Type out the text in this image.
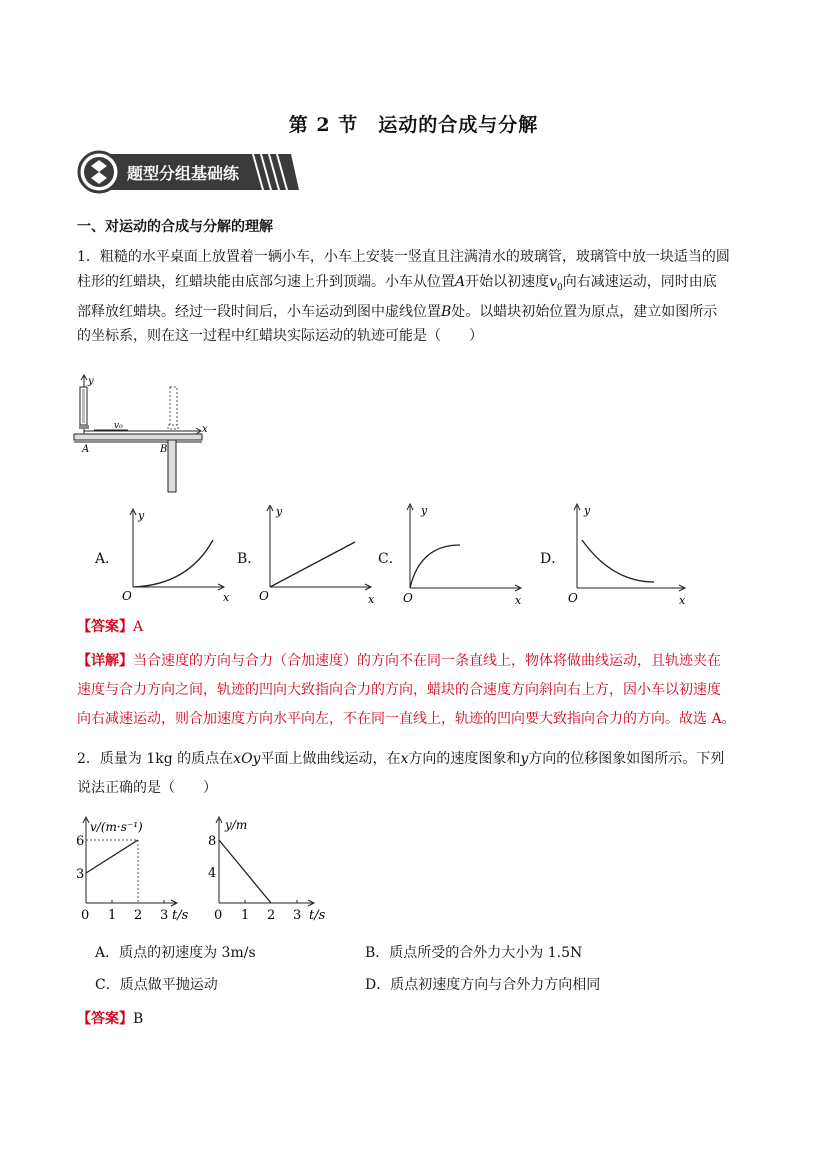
第 2 节　运动的合成与分解
题型分组基础练
一、对运动的合成与分解的理解
1．粗糙的水平桌面上放置着一辆小车，小车上安装一竖直且注满清水的玻璃管，玻璃管中放一块适当的圆
柱形的红蜡块，红蜡块能由底部匀速上升到顶端。小车从位置A开始以初速度$v_0$向右减速运动，同时由底
部释放红蜡块。经过一段时间后，小车运动到图中虚线位置B处。以蜡块初始位置为原点，建立如图所示
的坐标系，则在这一过程中红蜡块实际运动的轨迹可能是（　　）
y
x
v₀
A	B
A．
y
O	x
B．
y
O	x
C．
y
O	x
D．
y
O	x
【答案】A
【详解】当合速度的方向与合力（合加速度）的方向不在同一条直线上，物体将做曲线运动，且轨迹夹在
速度与合力方向之间，轨迹的凹向大致指向合力的方向，蜡块的合速度方向斜向右上方，因小车以初速度
向右减速运动，则合加速度方向水平向左，不在同一直线上，轨迹的凹向要大致指向合力的方向。故选 A。
2．质量为 1kg 的质点在xOy平面上做曲线运动，在x方向的速度图象和y方向的位移图象如图所示。下列
说法正确的是（　　）
v/(m·s⁻¹)
6
3
0 1 2 3 t/s
y/m
8
4
0 1 2 3 t/s
A．质点的初速度为 3m/s	B．质点所受的合外力大小为 1.5N
C．质点做平抛运动	D．质点初速度方向与合外力方向相同
【答案】B
